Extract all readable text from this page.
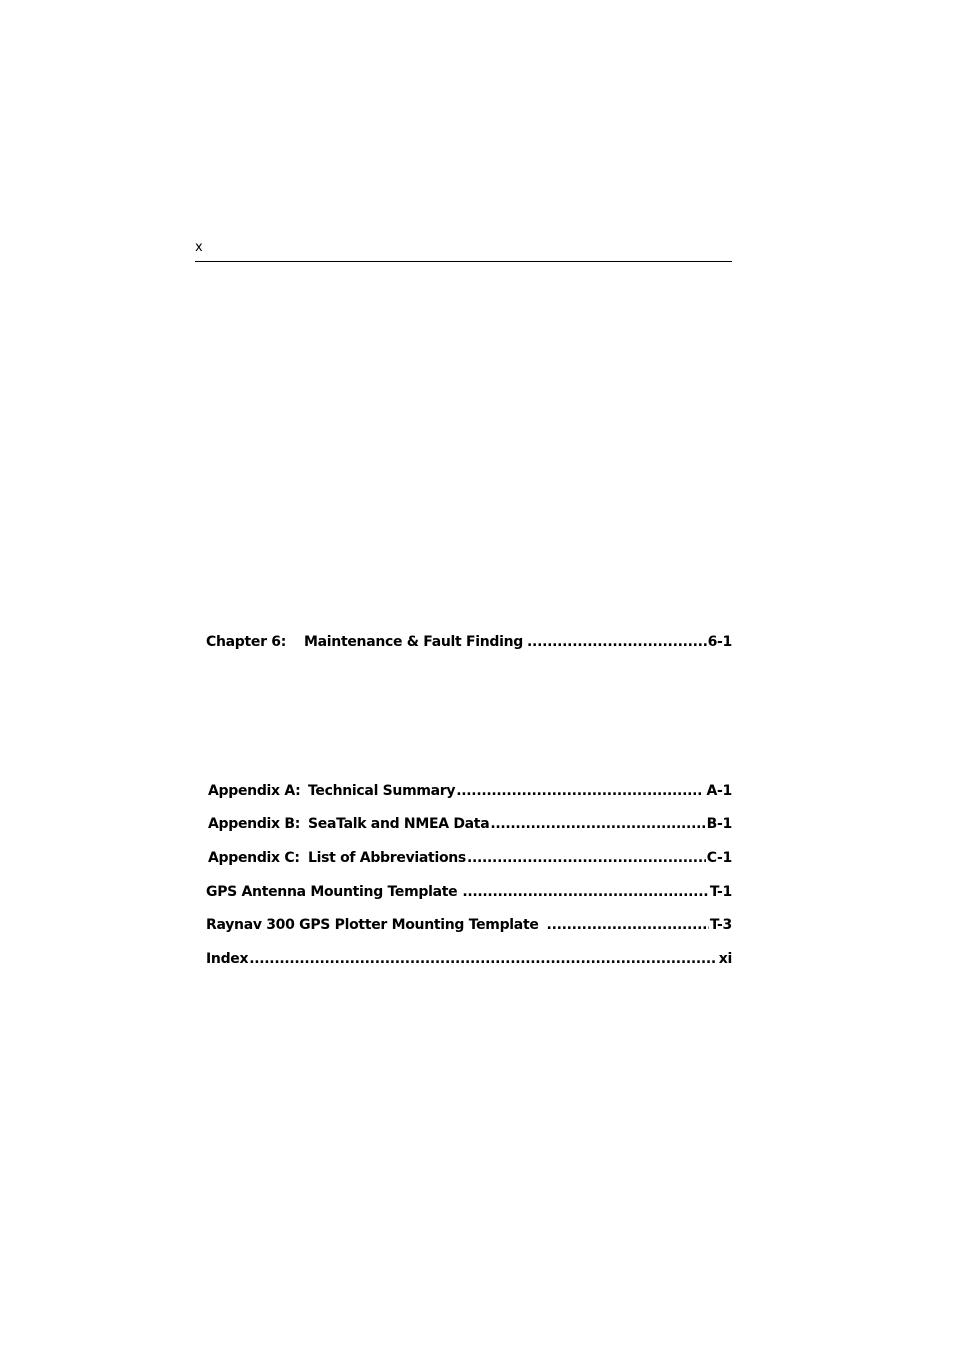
x
Chapter 6:	Maintenance & Fault Finding .....	6-1
Appendix A: Technical Summary .....	A-1
Appendix B: SeaTalk and NMEA Data .....	B-1
Appendix C: List of Abbreviations .....	C-1
GPS Antenna Mounting Template .....	T-1
Raynav 300 GPS Plotter Mounting Template .....	T-3
Index .....	xi
